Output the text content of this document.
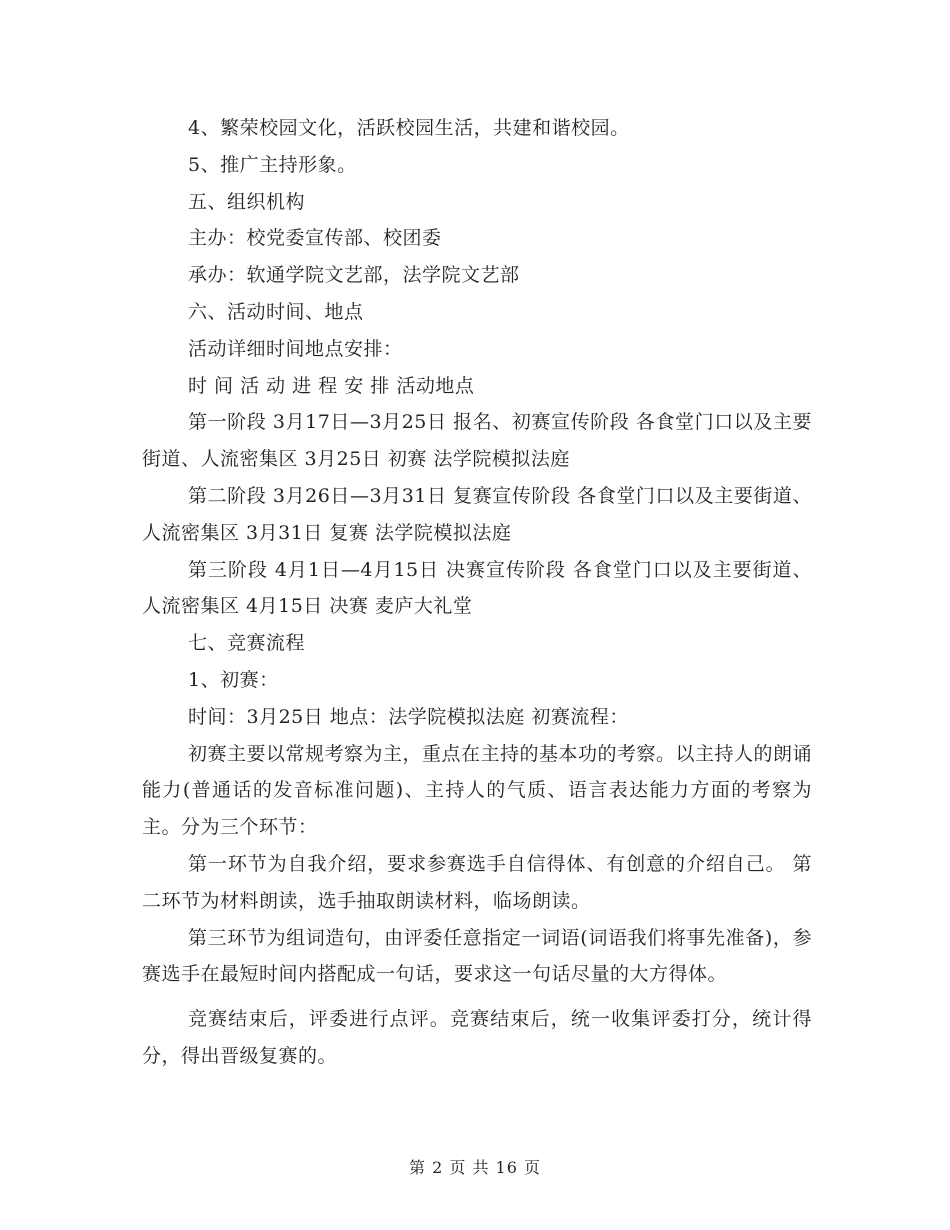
4、繁荣校园文化，活跃校园生活，共建和谐校园。

5、推广主持形象。

五、组织机构

主办：校党委宣传部、校团委

承办：软通学院文艺部，法学院文艺部

六、活动时间、地点

活动详细时间地点安排：

时 间 活 动 进 程 安 排 活动地点

第一阶段 3月17日—3月25日 报名、初赛宣传阶段 各食堂门口以及主要街道、人流密集区 3月25日 初赛 法学院模拟法庭

第二阶段 3月26日—3月31日 复赛宣传阶段 各食堂门口以及主要街道、人流密集区 3月31日 复赛 法学院模拟法庭

第三阶段 4月1日—4月15日 决赛宣传阶段 各食堂门口以及主要街道、人流密集区 4月15日 决赛 麦庐大礼堂

七、竞赛流程

1、初赛：

时间：3月25日 地点：法学院模拟法庭 初赛流程：

初赛主要以常规考察为主，重点在主持的基本功的考察。以主持人的朗诵能力(普通话的发音标准问题)、主持人的气质、语言表达能力方面的考察为主。分为三个环节：

第一环节为自我介绍，要求参赛选手自信得体、有创意的介绍自己。 第二环节为材料朗读，选手抽取朗读材料，临场朗读。

第三环节为组词造句，由评委任意指定一词语(词语我们将事先准备)，参赛选手在最短时间内搭配成一句话，要求这一句话尽量的大方得体。

竞赛结束后，评委进行点评。竞赛结束后，统一收集评委打分，统计得分，得出晋级复赛的。

第 2 页 共 16 页
